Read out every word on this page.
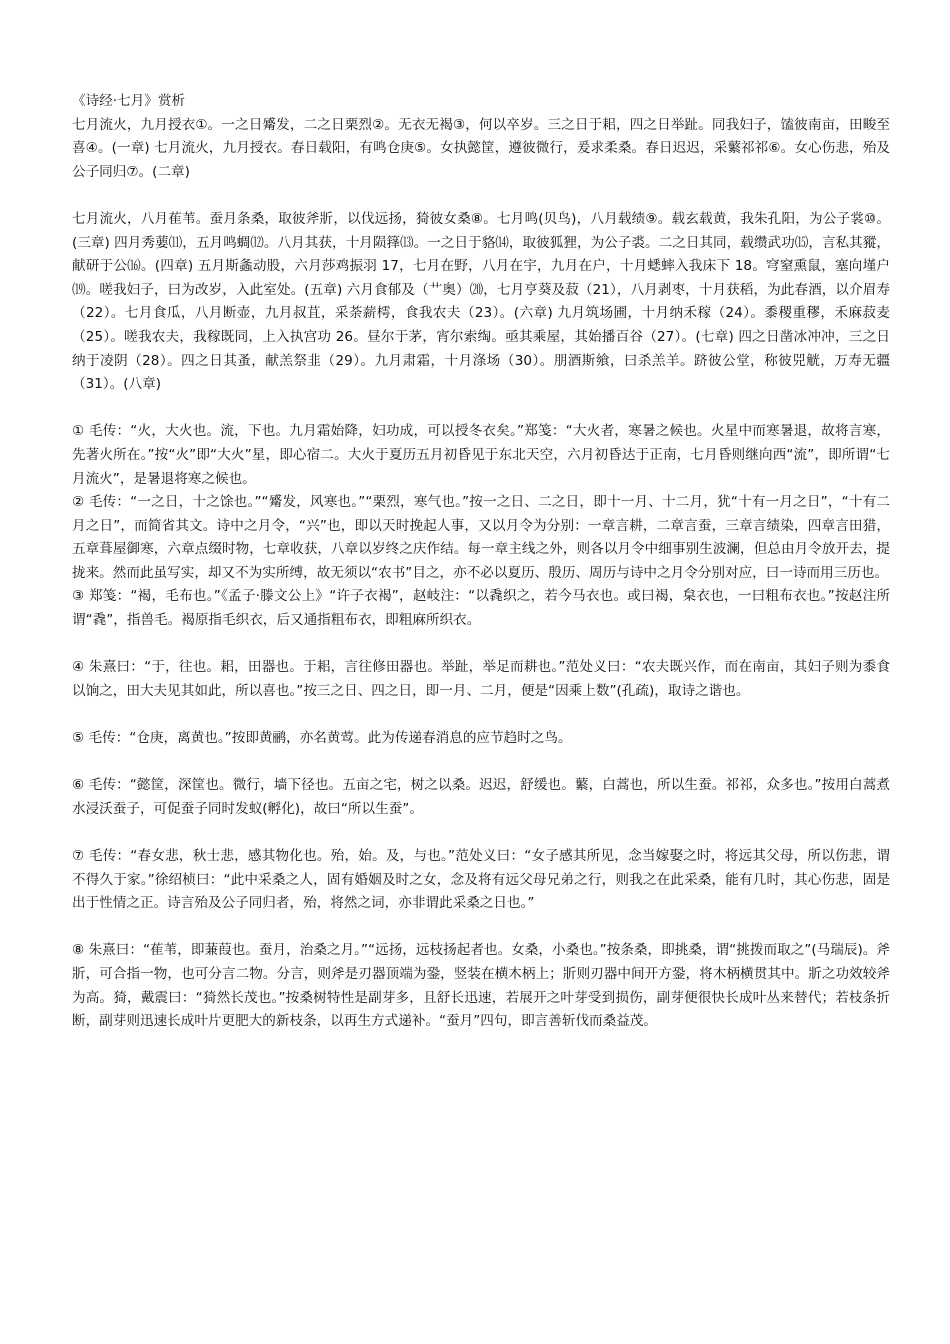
《诗经·七月》赏析

七月流火，九月授衣①。一之日觱发，二之日栗烈②。无衣无褐③，何以卒岁。三之日于耜，四之日举趾。同我妇子，馌彼南亩，田畯至喜④。(一章) 七月流火，九月授衣。春日载阳，有鸣仓庚⑤。女执懿筐，遵彼微行，爰求柔桑。春日迟迟，采蘩祁祁⑥。女心伤悲，殆及公子同归⑦。(二章)

七月流火，八月萑苇。蚕月条桑，取彼斧斨，以伐远扬，猗彼女桑⑧。七月鸣(贝鸟)，八月载绩⑨。载玄载黄，我朱孔阳，为公子裳⑩。(三章) 四月秀葽⑾，五月鸣蜩⑿。八月其获，十月陨箨⒀。一之日于貉⒁，取彼狐狸，为公子裘。二之日其同，载缵武功⒂，言私其豵，献研于公⒃。(四章) 五月斯螽动股，六月莎鸡振羽 17，七月在野，八月在宇，九月在户，十月蟋蟀入我床下 18。穹窒熏鼠，塞向墐户⒆。嗟我妇子，曰为改岁，入此室处。(五章) 六月食郁及（艹奥）⒇，七月亨葵及菽（21），八月剥枣，十月获稻，为此春酒，以介眉寿（22）。七月食瓜，八月断壶，九月叔苴，采荼薪樗，食我农夫（23）。(六章) 九月筑场圃，十月纳禾稼（24）。黍稷重穋，禾麻菽麦（25）。嗟我农夫，我稼既同，上入执宫功 26。昼尔于茅，宵尔索绹。亟其乘屋，其始播百谷（27）。(七章) 四之日凿冰冲冲，三之日纳于凌阴（28）。四之日其蚤，献羔祭韭（29）。九月肃霜，十月涤场（30）。朋酒斯飨，曰杀羔羊。跻彼公堂，称彼兕觥，万寿无疆（31）。(八章)

① 毛传：“火，大火也。流，下也。九月霜始降，妇功成，可以授冬衣矣。”郑笺：“大火者，寒暑之候也。火星中而寒暑退，故将言寒，先著火所在。”按“火”即“大火”星，即心宿二。大火于夏历五月初昏见于东北天空，六月初昏达于正南，七月昏则继向西“流”，即所谓“七月流火”，是暑退将寒之候也。

② 毛传：“一之日，十之馀也。”“觱发，风寒也。”“栗烈，寒气也。”按一之日、二之日，即十一月、十二月，犹“十有一月之日”，“十有二月之日”，而简省其文。诗中之月令，“兴”也，即以天时挽起人事，又以月令为分别：一章言耕，二章言蚕，三章言绩染，四章言田猎，五章葺屋御寒，六章点缀时物，七章收获，八章以岁终之庆作结。每一章主线之外，则各以月令中细事别生波澜，但总由月令放开去，提拢来。然而此虽写实，却又不为实所缚，故无须以“农书”目之，亦不必以夏历、殷历、周历与诗中之月令分别对应，曰一诗而用三历也。

③ 郑笺：“褐，毛布也。”《孟子·滕文公上》“许子衣褐”，赵岐注：“以毳织之，若今马衣也。或曰褐，枲衣也，一曰粗布衣也。”按赵注所谓“毳”，指兽毛。褐原指毛织衣，后又通指粗布衣，即粗麻所织衣。

④ 朱熹曰：“于，往也。耜，田器也。于耜，言往修田器也。举趾，举足而耕也。”范处义曰：“农夫既兴作，而在南亩，其妇子则为黍食以饷之，田大夫见其如此，所以喜也。”按三之日、四之日，即一月、二月，便是“因乘上数”(孔疏)，取诗之谐也。

⑤ 毛传：“仓庚，离黄也。”按即黄鹂，亦名黄莺。此为传递春消息的应节趋时之鸟。

⑥ 毛传：“懿筐，深筐也。微行，墙下径也。五亩之宅，树之以桑。迟迟，舒缓也。蘩，白蒿也，所以生蚕。祁祁，众多也。”按用白蒿煮水浸沃蚕子，可促蚕子同时发蚁(孵化)，故曰“所以生蚕”。

⑦ 毛传：“春女悲，秋士悲，感其物化也。殆，始。及，与也。”范处义曰：“女子感其所见，念当嫁娶之时，将远其父母，所以伤悲，谓不得久于家。”徐绍桢曰：“此中采桑之人，固有婚姻及时之女，念及将有远父母兄弟之行，则我之在此采桑，能有几时，其心伤悲，固是出于性情之正。诗言殆及公子同归者，殆，将然之词，亦非谓此采桑之日也。”

⑧ 朱熹曰：“萑苇，即蒹葭也。蚕月，治桑之月。”“远扬，远枝扬起者也。女桑，小桑也。”按条桑，即挑桑，谓“挑拨而取之”(马瑞辰)。斧斨，可合指一物，也可分言二物。分言，则斧是刃器顶端为銎，竖装在横木柄上；斨则刃器中间开方銎，将木柄横贯其中。斨之功效较斧为高。猗，戴震曰：“猗然长茂也。”按桑树特性是副芽多，且舒长迅速，若展开之叶芽受到损伤，副芽便很快长成叶丛来替代；若枝条折断，副芽则迅速长成叶片更肥大的新枝条，以再生方式递补。“蚕月”四句，即言善斩伐而桑益茂。
